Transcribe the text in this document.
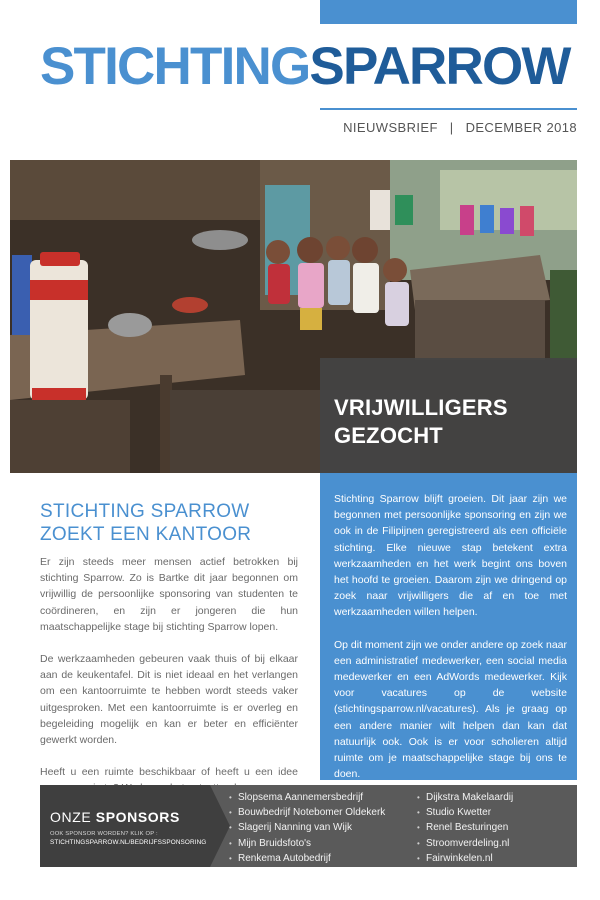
STICHTINGSPARROW
NIEUWSBRIEF | DECEMBER 2018
VRIJWILLIGERS
GEZOCHT
STICHTING SPARROW ZOEKT EEN KANTOOR

Er zijn steeds meer mensen actief betrokken bij stichting Sparrow. Zo is Bartke dit jaar begonnen om vrijwillig de persoonlijke sponsoring van studenten te coördineren, en zijn er jongeren die hun maatschappelijke stage bij stichting Sparrow lopen.

De werkzaamheden gebeuren vaak thuis of bij elkaar aan de keukentafel. Dit is niet ideaal en het verlangen om een kantoorruimte te hebben wordt steeds vaker uitgesproken. Met een kantoorruimte is er overleg en begeleiding mogelijk en kan er beter en efficiënter gewerkt worden.

Heeft u een ruimte beschikbaar of heeft u een idee

Stichting Sparrow blijft groeien. Dit jaar zijn we begonnen met persoonlijke sponsoring en zijn we ook in de Filipijnen geregistreerd als een officiële stichting. Elke nieuwe stap betekent extra werkzaamheden en het werk begint ons boven het hoofd te groeien. Daarom zijn we dringend op zoek naar vrijwilligers die af en toe met werkzaamheden willen helpen.

Op dit moment zijn we onder andere op zoek naar een administratief medewerker, een social media medewerker en een AdWords medewerker. Kijk voor vacatures op de website (stichtingsparrow.nl/vacatures). Als je graag op een andere manier wilt helpen dan kan dat natuurlijk ook. Ook is er voor scholieren altijd ruimte om je maatschappelijke stage bij ons te doen.

ONZE SPONSORS
OOK SPONSOR WORDEN? KLIK OP :
STICHTINGSPARROW.NL/BEDRIJFSSPONSORING
• Slopsema Aannemersbedrijf
• Bouwbedrijf Notebomer Oldekerk
• Slagerij Nanning van Wijk
• Mijn Bruidsfoto's
• Renkema Autobedrijf
• Dijkstra Makelaardij
• Studio Kwetter
• Renel Besturingen
• Stroomverdeling.nl
• Fairwinkelen.nl
